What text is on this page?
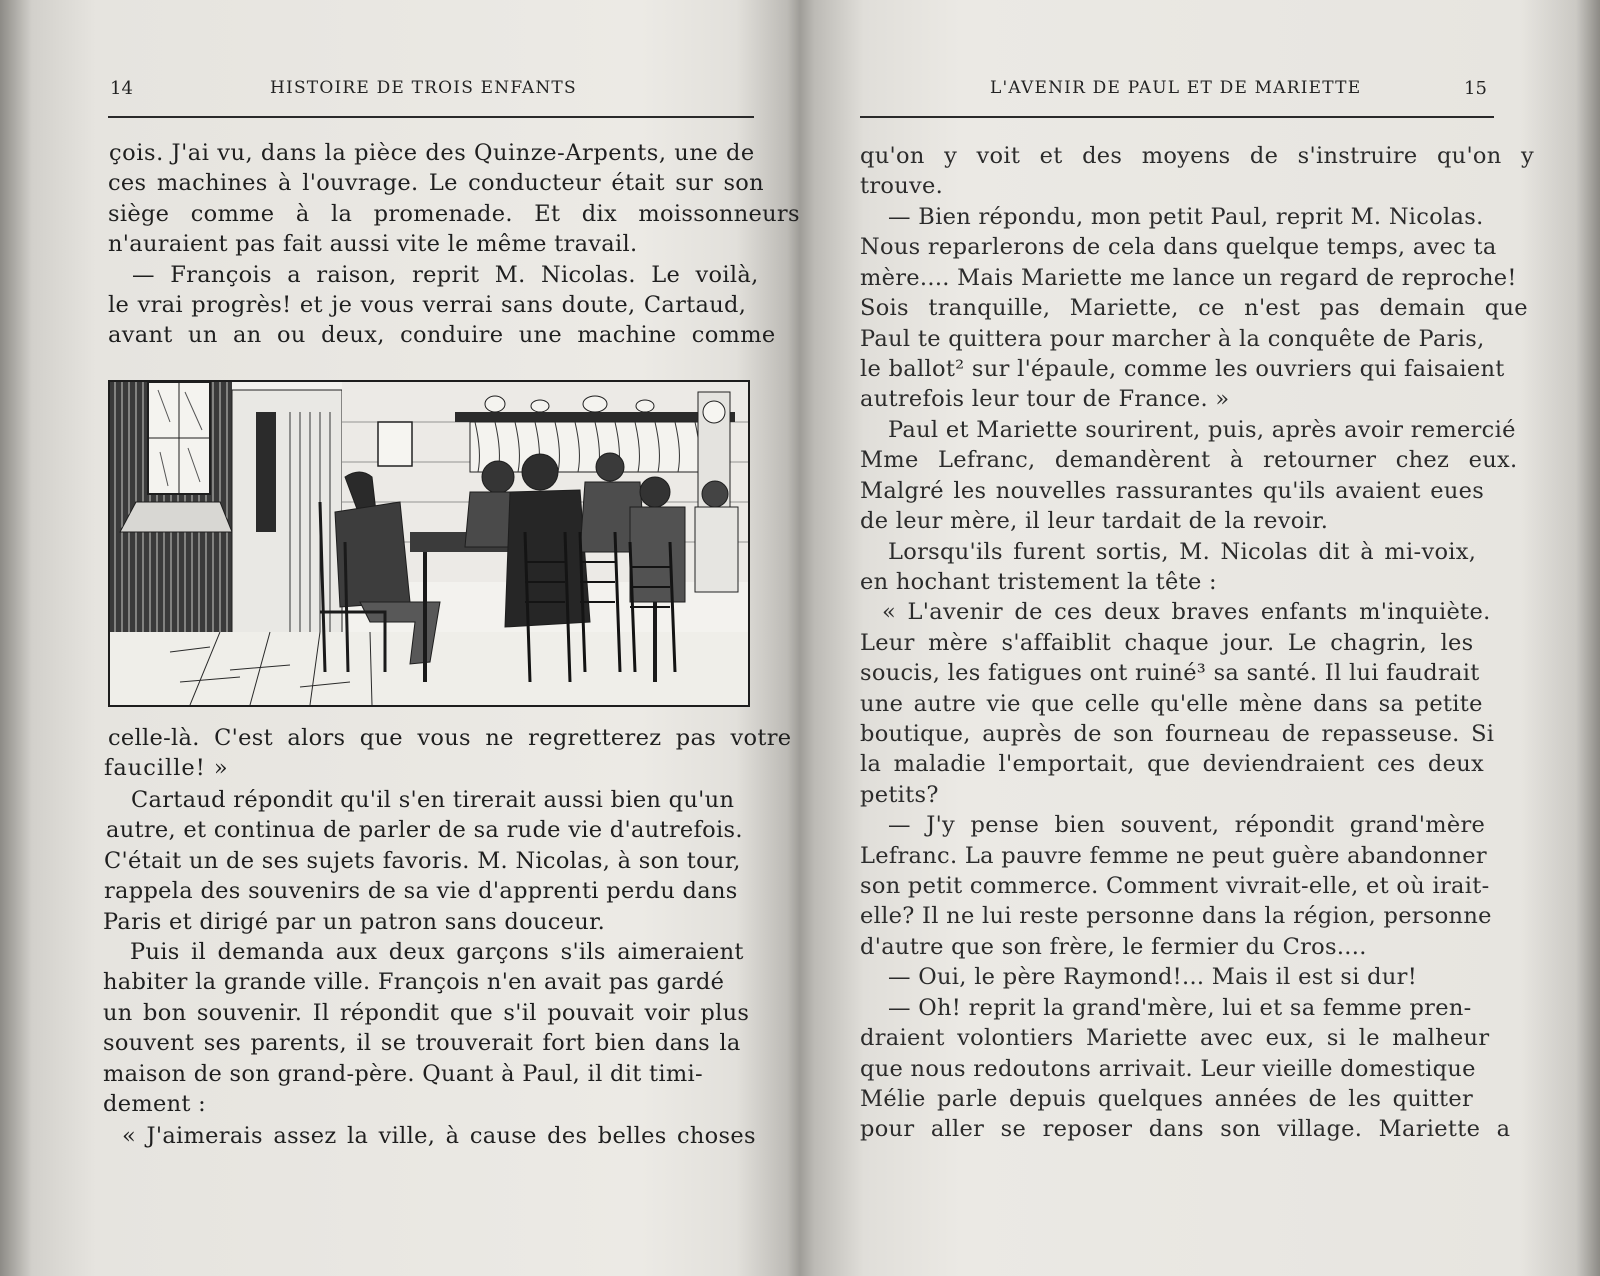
14	HISTOIRE DE TROIS ENFANTS
çois. J'ai vu, dans la pièce des Quinze-Arpents, une de
ces machines à l'ouvrage. Le conducteur était sur son
siège comme à la promenade. Et dix moissonneurs
n'auraient pas fait aussi vite le même travail.
— François a raison, reprit M. Nicolas. Le voilà,
le vrai progrès! et je vous verrai sans doute, Cartaud,
avant un an ou deux, conduire une machine comme
celle-là. C'est alors que vous ne regretterez pas votre
faucille! »
Cartaud répondit qu'il s'en tirerait aussi bien qu'un
autre, et continua de parler de sa rude vie d'autrefois.
C'était un de ses sujets favoris. M. Nicolas, à son tour,
rappela des souvenirs de sa vie d'apprenti perdu dans
Paris et dirigé par un patron sans douceur.
Puis il demanda aux deux garçons s'ils aimeraient
habiter la grande ville. François n'en avait pas gardé
un bon souvenir. Il répondit que s'il pouvait voir plus
souvent ses parents, il se trouverait fort bien dans la
maison de son grand-père. Quant à Paul, il dit timi-
dement :
« J'aimerais assez la ville, à cause des belles choses
L'AVENIR DE PAUL ET DE MARIETTE	15
qu'on y voit et des moyens de s'instruire qu'on y
trouve.
— Bien répondu, mon petit Paul, reprit M. Nicolas.
Nous reparlerons de cela dans quelque temps, avec ta
mère.... Mais Mariette me lance un regard de reproche!
Sois tranquille, Mariette, ce n'est pas demain que
Paul te quittera pour marcher à la conquête de Paris,
le ballot² sur l'épaule, comme les ouvriers qui faisaient
autrefois leur tour de France. »
Paul et Mariette sourirent, puis, après avoir remercié
Mme Lefranc, demandèrent à retourner chez eux.
Malgré les nouvelles rassurantes qu'ils avaient eues
de leur mère, il leur tardait de la revoir.
Lorsqu'ils furent sortis, M. Nicolas dit à mi-voix,
en hochant tristement la tête :
« L'avenir de ces deux braves enfants m'inquiète.
Leur mère s'affaiblit chaque jour. Le chagrin, les
soucis, les fatigues ont ruiné³ sa santé. Il lui faudrait
une autre vie que celle qu'elle mène dans sa petite
boutique, auprès de son fourneau de repasseuse. Si
la maladie l'emportait, que deviendraient ces deux
petits?
— J'y pense bien souvent, répondit grand'mère
Lefranc. La pauvre femme ne peut guère abandonner
son petit commerce. Comment vivrait-elle, et où irait-
elle? Il ne lui reste personne dans la région, personne
d'autre que son frère, le fermier du Cros....
— Oui, le père Raymond!... Mais il est si dur!
— Oh! reprit la grand'mère, lui et sa femme pren-
draient volontiers Mariette avec eux, si le malheur
que nous redoutons arrivait. Leur vieille domestique
Mélie parle depuis quelques années de les quitter
pour aller se reposer dans son village. Mariette a
